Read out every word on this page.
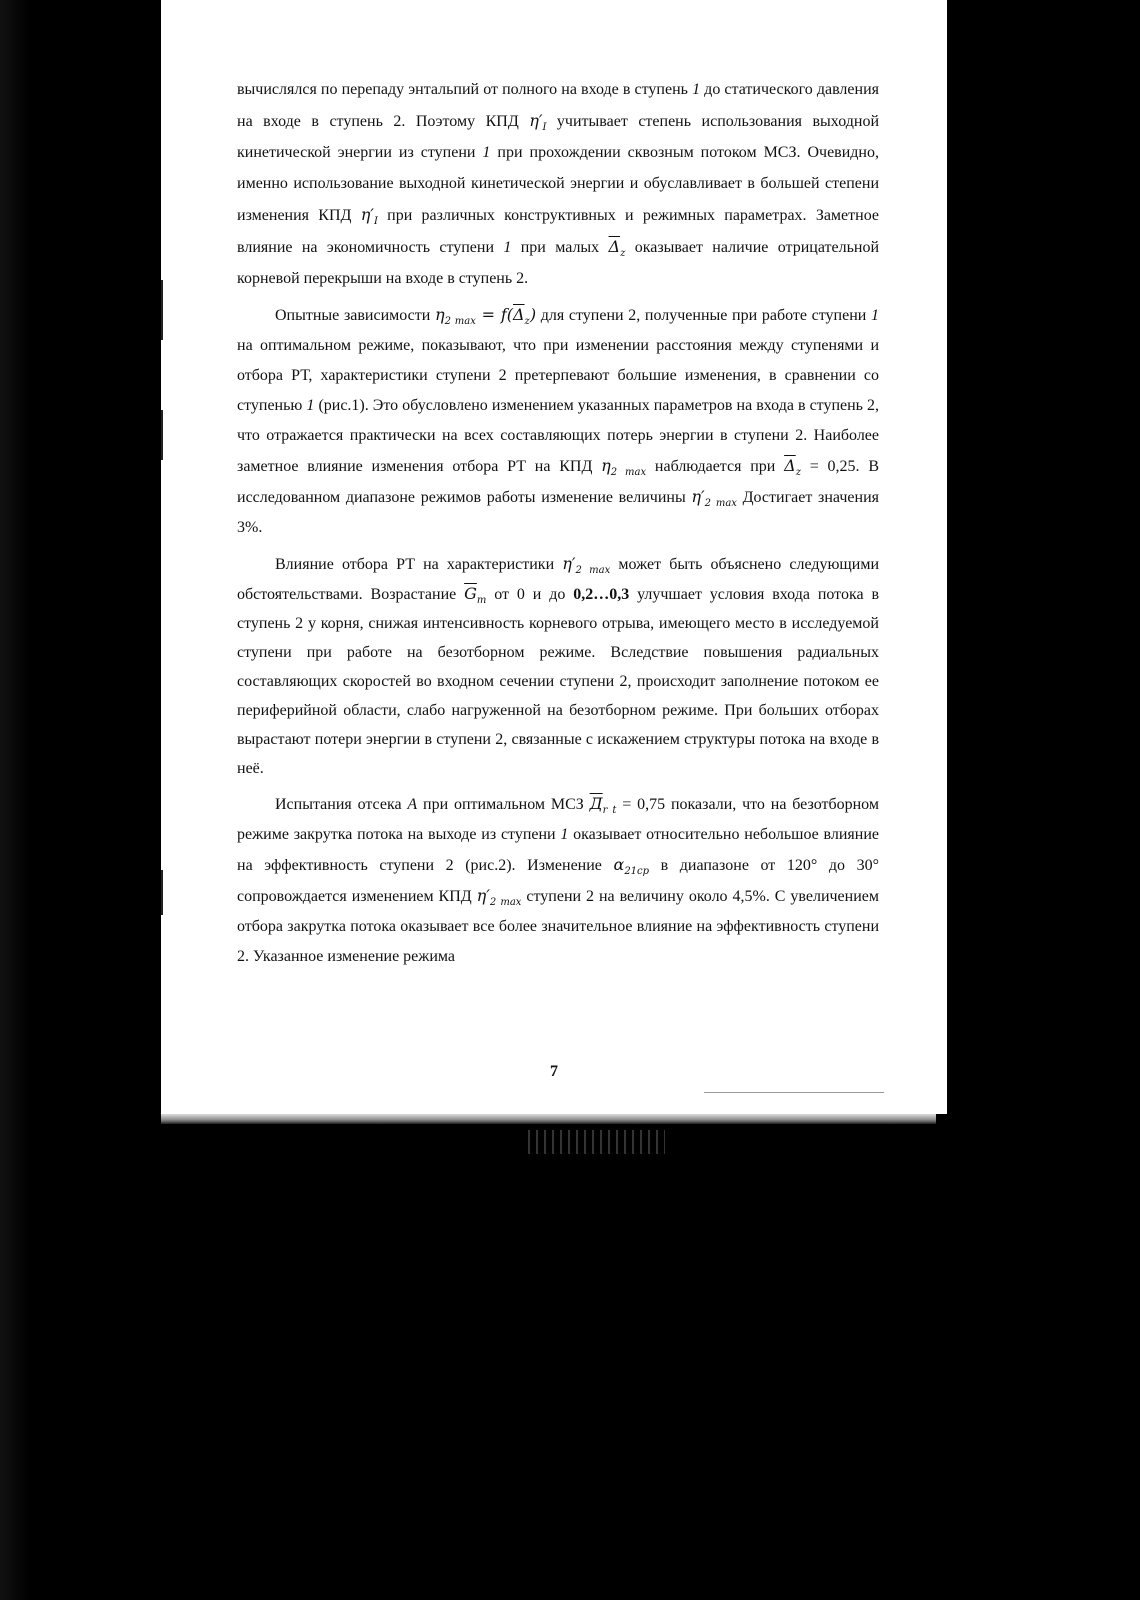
7

вычислялся по перепаду энтальпий от полного на входе в ступень 1 до статического давления на входе в ступень 2. Поэтому КПД $\eta'_I$ учитывает степень использования выходной кинетической энергии из ступени 1 при прохождении сквозным потоком МСЗ. Очевидно, именно использование выходной кинетической энергии и обуславливает в большей степени изменения КПД $\eta'_I$ при различных конструктивных и режимных параметрах. Заметное влияние на экономичность ступени 1 при малых $\overline{\Delta}_z$ оказывает наличие отрицательной корневой перекрыши на входе в ступень 2.

Опытные зависимости $\eta_{2 max} = f(\overline{\Delta}_z)$ для ступени 2, полученные при работе ступени 1 на оптимальном режиме, показывают, что при изменении расстояния между ступенями и отбора РТ, характеристики ступени 2 претерпевают большие изменения, в сравнении со ступенью 1 (рис.1). Это обусловлено изменением указанных параметров на входа в ступень 2, что отражается практически на всех составляющих потерь энергии в ступени 2. Наиболее заметное влияние изменения отбора РТ на КПД $\eta_{2 max}$ наблюдается при $\overline{\Delta}_z = 0,25$. В исследованном диапазоне режимов работы изменение величины $\eta'_{2 max}$ Достигает значения 3%.

Влияние отбора РТ на характеристики $\eta'_{2 max}$ может быть объяснено следующими обстоятельствами. Возрастание $\overline{G}_m$ от 0 и до 0,2…0,3 улучшает условия входа потока в ступень 2 у корня, снижая интенсивность корневого отрыва, имеющего место в исследуемой ступени при работе на безотборном режиме. Вследствие повышения радиальных составляющих скоростей во входном сечении ступени 2, происходит заполнение потоком ее периферийной области, слабо нагруженной на безотборном режиме. При больших отборах вырастают потери энергии в ступени 2, связанные с искажением структуры потока на входе в неё.

Испытания отсека А при оптимальном МСЗ $Д_{r t} = 0,75$ показали, что на безотборном режиме закрутка потока на выходе из ступени 1 оказывает относительно небольшое влияние на эффективность ступени 2 (рис.2). Изменение $\alpha_{21ср}$ в диапазоне от 120° до 30° сопровождается изменением КПД $\eta'_{2 max}$ ступени 2 на величину около 4,5%. С увеличением отбора закрутка потока оказывает все более значительное влияние на эффективность ступени 2. Указанное изменение режима
